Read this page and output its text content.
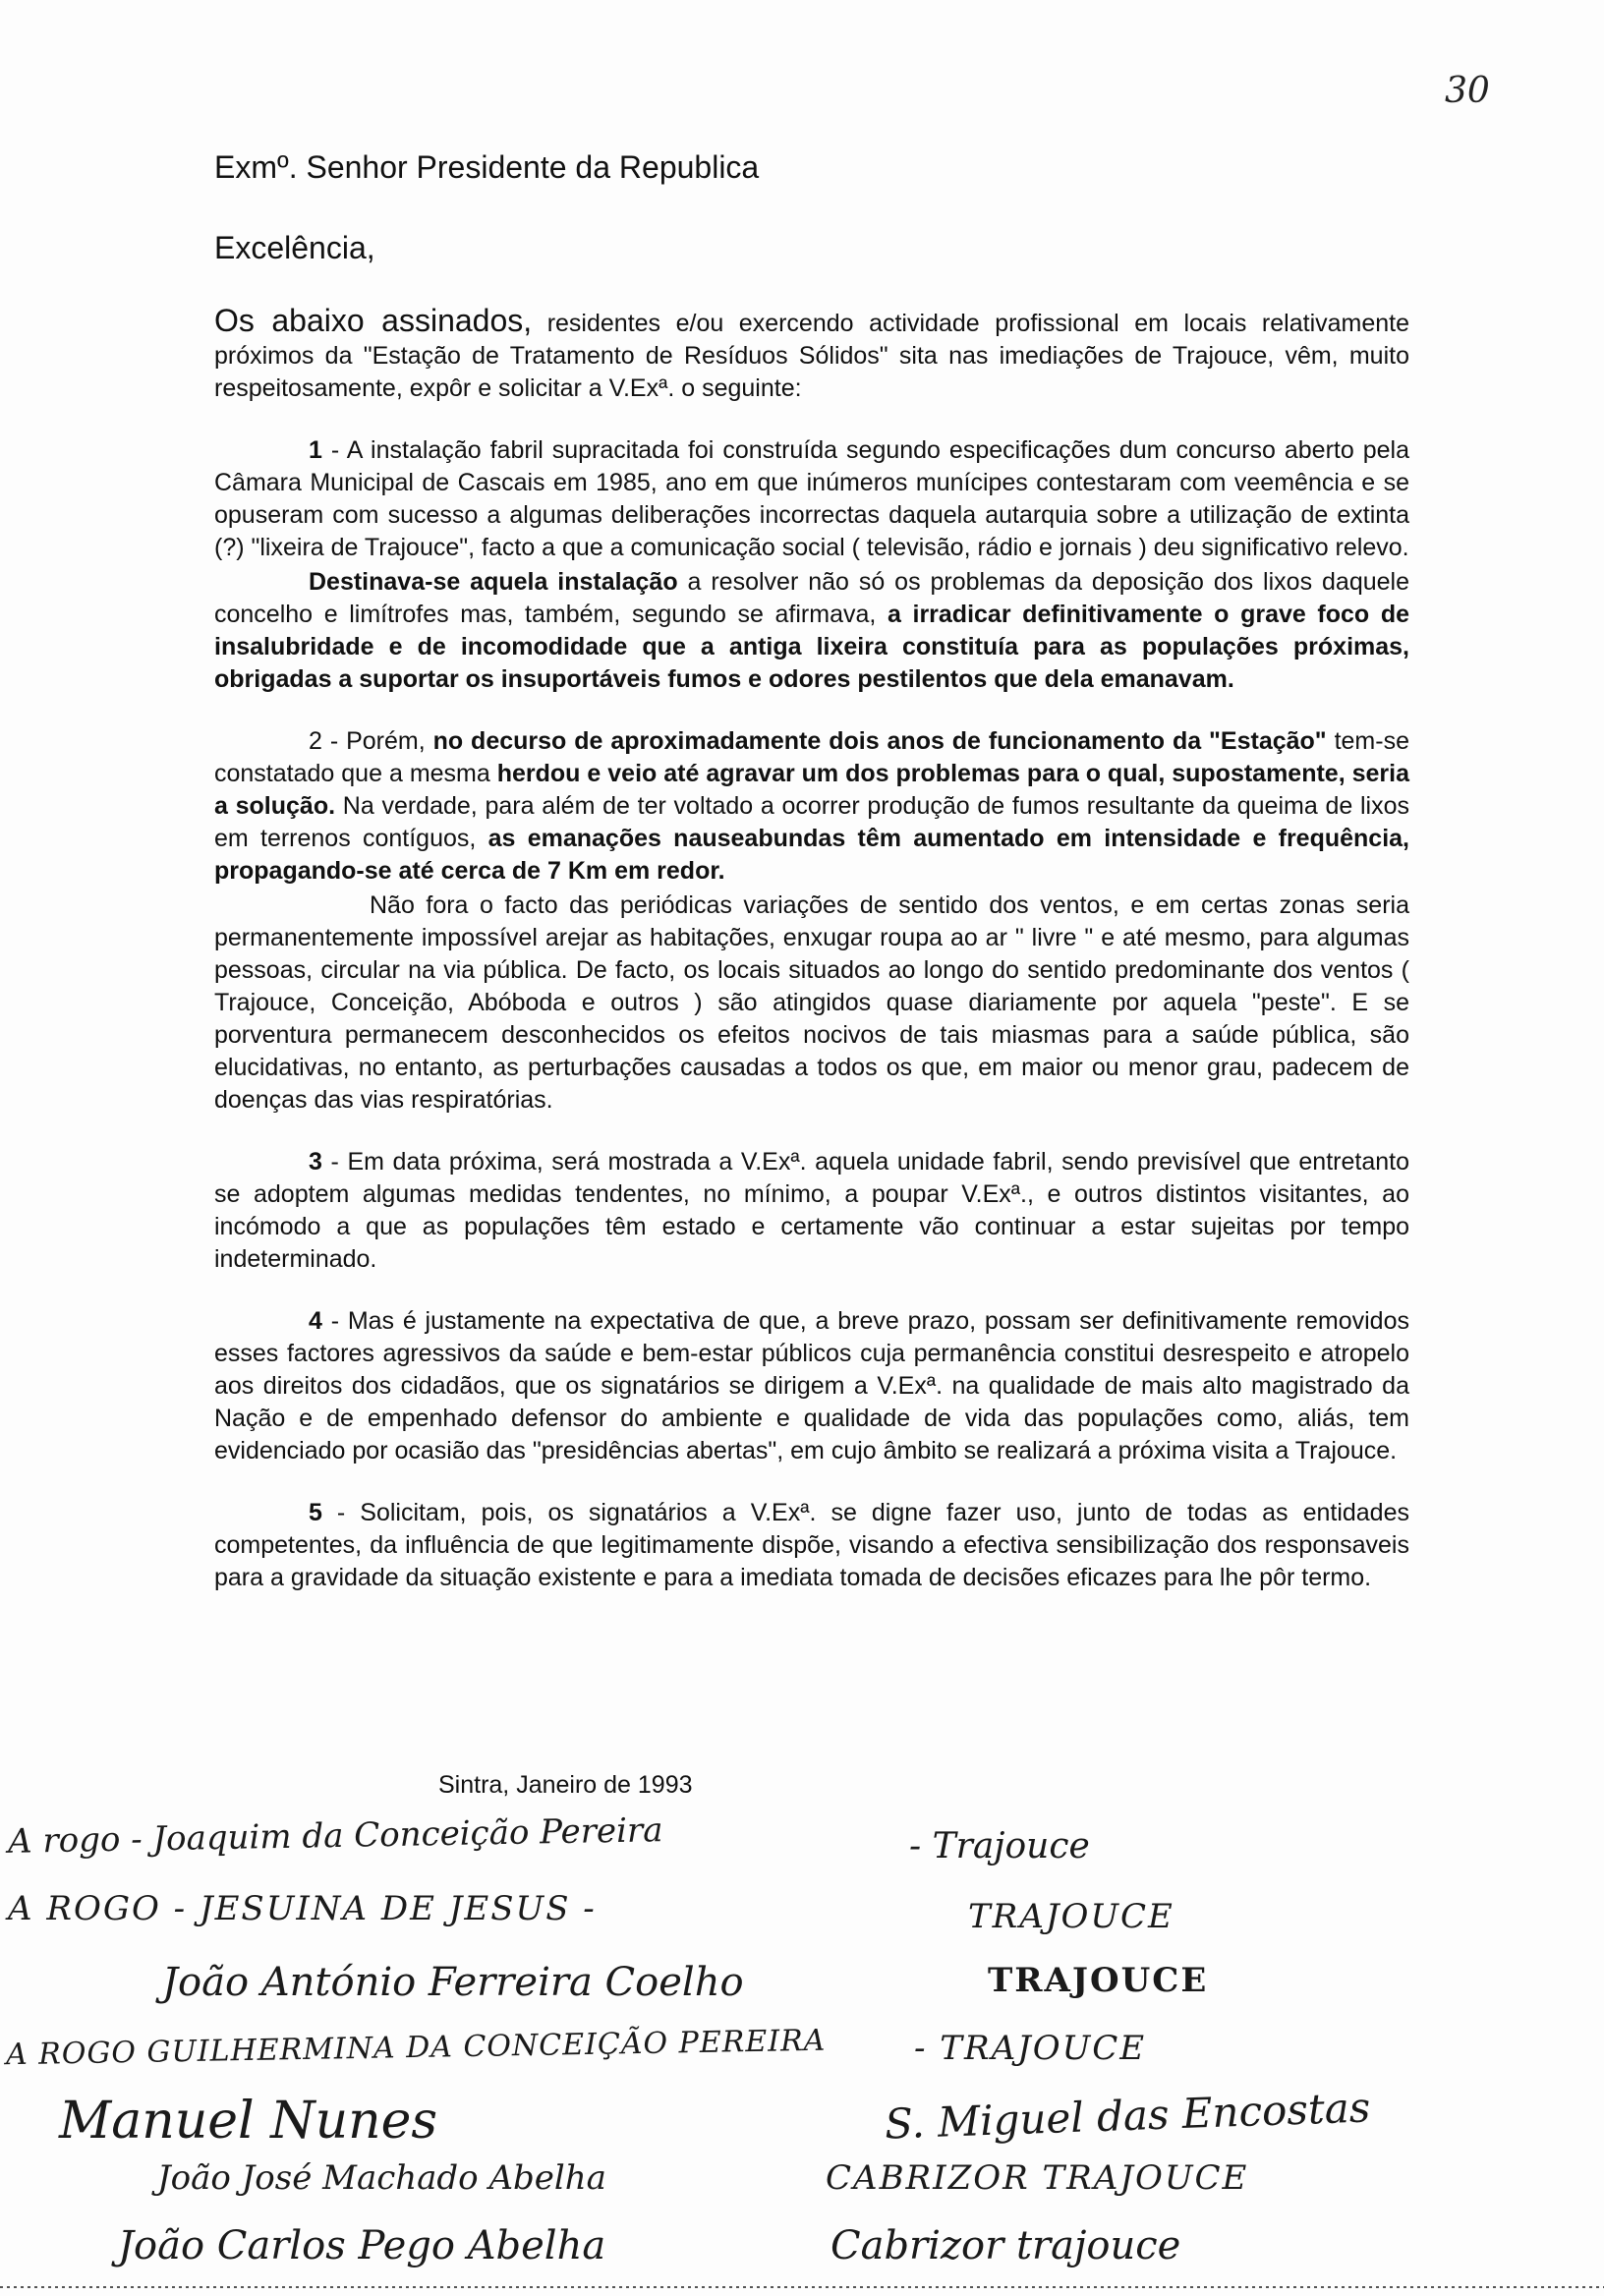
30

Exmº. Senhor Presidente da Republica

Excelência,

Os abaixo assinados, residentes e/ou exercendo actividade profissional em locais relativamente próximos da "Estação de Tratamento de Resíduos Sólidos" sita nas imediações de Trajouce, vêm, muito respeitosamente, expôr e solicitar a V.Exª. o seguinte:

1 - A instalação fabril supracitada foi construída segundo especificações dum concurso aberto pela Câmara Municipal de Cascais em 1985, ano em que inúmeros munícipes contestaram com veemência e se opuseram com sucesso a algumas deliberações incorrectas daquela autarquia sobre a utilização de extinta (?) "lixeira de Trajouce", facto a que a comunicação social ( televisão, rádio e jornais ) deu significativo relevo.

Destinava-se aquela instalação a resolver não só os problemas da deposição dos lixos daquele concelho e limítrofes mas, também, segundo se afirmava, a irradicar definitivamente o grave foco de insalubridade e de incomodidade que a antiga lixeira constituía para as populações próximas, obrigadas a suportar os insuportáveis fumos e odores pestilentos que dela emanavam.

2 - Porém, no decurso de aproximadamente dois anos de funcionamento da "Estação" tem-se constatado que a mesma herdou e veio até agravar um dos problemas para o qual, supostamente, seria a solução. Na verdade, para além de ter voltado a ocorrer produção de fumos resultante da queima de lixos em terrenos contíguos, as emanações nauseabundas têm aumentado em intensidade e frequência, propagando-se até cerca de 7 Km em redor.

Não fora o facto das periódicas variações de sentido dos ventos, e em certas zonas seria permanentemente impossível arejar as habitações, enxugar roupa ao ar " livre " e até mesmo, para algumas pessoas, circular na via pública. De facto, os locais situados ao longo do sentido predominante dos ventos ( Trajouce, Conceição, Abóboda e outros ) são atingidos quase diariamente por aquela "peste". E se porventura permanecem desconhecidos os efeitos nocivos de tais miasmas para a saúde pública, são elucidativas, no entanto, as perturbações causadas a todos os que, em maior ou menor grau, padecem de doenças das vias respiratórias.

3 - Em data próxima, será mostrada a V.Exª. aquela unidade fabril, sendo previsível que entretanto se adoptem algumas medidas tendentes, no mínimo, a poupar V.Exª., e outros distintos visitantes, ao incómodo a que as populações têm estado e certamente vão continuar a estar sujeitas por tempo indeterminado.

4 - Mas é justamente na expectativa de que, a breve prazo, possam ser definitivamente removidos esses factores agressivos da saúde e bem-estar públicos cuja permanência constitui desrespeito e atropelo aos direitos dos cidadãos, que os signatários se dirigem a V.Exª. na qualidade de mais alto magistrado da Nação e de empenhado defensor do ambiente e qualidade de vida das populações como, aliás, tem evidenciado por ocasião das "presidências abertas", em cujo âmbito se realizará a próxima visita a Trajouce.

5 - Solicitam, pois, os signatários a V.Exª. se digne fazer uso, junto de todas as entidades competentes, da influência de que legitimamente dispõe, visando a efectiva sensibilização dos responsaveis para a gravidade da situação existente e para a imediata tomada de decisões eficazes para lhe pôr termo.

Sintra, Janeiro de 1993
A rogo - Joaquim da Conceição Pereira	- Trajouce
A ROGO - JESUINA DE JESUS -	TRAJOUCE
João António Ferreira Coelho	TRAJOUCE
A ROGO GUILHERMINA DA CONCEIÇÃO PEREIRA	- TRAJOUCE
Manuel Nunes	S. Miguel das Encostas
João José Machado Abelha	CABRIZOR TRAJOUCE
João Carlos Pego Abelha	Cabrizor trajouce
